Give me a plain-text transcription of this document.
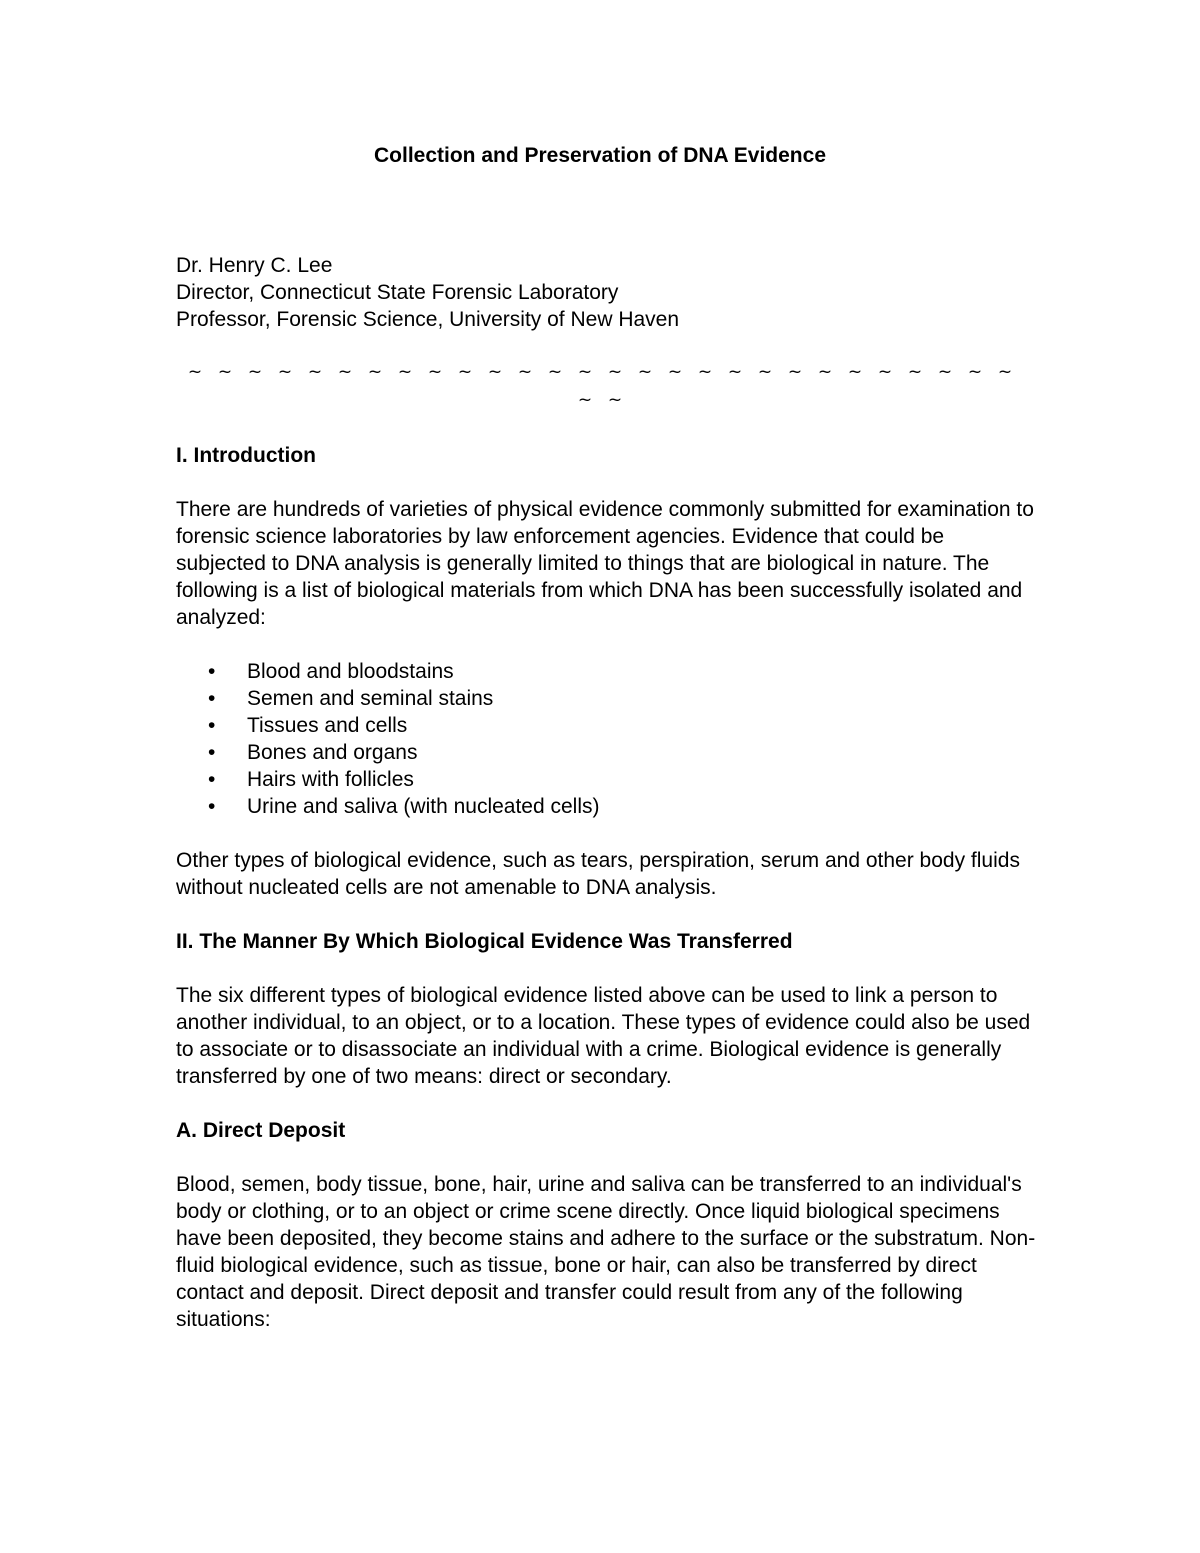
Collection and Preservation of DNA Evidence
Dr. Henry C. Lee
Director, Connecticut State Forensic Laboratory
Professor, Forensic Science, University of New Haven
~ ~ ~ ~ ~ ~ ~ ~ ~ ~ ~ ~ ~ ~ ~ ~ ~ ~ ~ ~ ~ ~ ~ ~ ~ ~ ~ ~~ ~
I. Introduction

There are hundreds of varieties of physical evidence commonly submitted for examination to forensic science laboratories by law enforcement agencies. Evidence that could be subjected to DNA analysis is generally limited to things that are biological in nature. The following is a list of biological materials from which DNA has been successfully isolated and analyzed:

• Blood and bloodstains
• Semen and seminal stains
• Tissues and cells
• Bones and organs
• Hairs with follicles
• Urine and saliva (with nucleated cells)

Other types of biological evidence, such as tears, perspiration, serum and other body fluids without nucleated cells are not amenable to DNA analysis.

II. The Manner By Which Biological Evidence Was Transferred

The six different types of biological evidence listed above can be used to link a person to another individual, to an object, or to a location. These types of evidence could also be used to associate or to disassociate an individual with a crime. Biological evidence is generally transferred by one of two means: direct or secondary.

A. Direct Deposit

Blood, semen, body tissue, bone, hair, urine and saliva can be transferred to an individual's body or clothing, or to an object or crime scene directly. Once liquid biological specimens have been deposited, they become stains and adhere to the surface or the substratum. Non-fluid biological evidence, such as tissue, bone or hair, can also be transferred by direct contact and deposit. Direct deposit and transfer could result from any of the following situations:
